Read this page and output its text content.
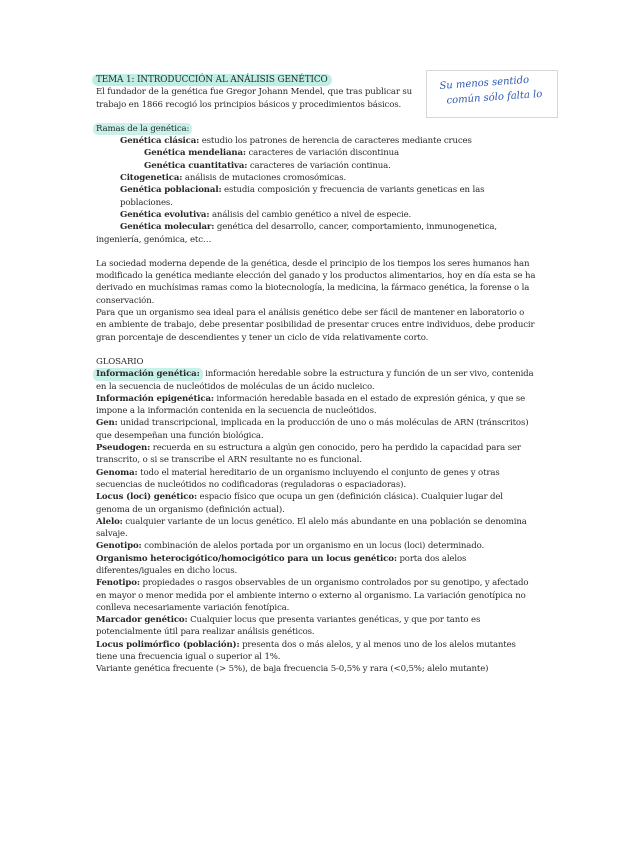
Su menos sentido
común sólo falta lo

TEMA 1: INTRODUCCIÓN AL ANÁLISIS GENÉTICO

El fundador de la genética fue Gregor Johann Mendel, que tras publicar su trabajo en 1866 recogió los principios básicos y procedimientos básicos.

Ramas de la genética:

Genética clásica: estudio los patrones de herencia de caracteres mediante cruces

Genética mendeliana: caracteres de variación discontinua

Genética cuantitativa: caracteres de variación continua.

Citogenetica: análisis de mutaciones cromosómicas.

Genética poblacional: estudia composición y frecuencia de variants geneticas en las poblaciones.

Genética evolutiva: análisis del cambio genético a nivel de especie.

Genética molecular: genética del desarrollo, cancer, comportamiento, inmunogenetica, ingeniería, genómica, etc…

La sociedad moderna depende de la genética, desde el principio de los tiempos los seres humanos han modificado la genética mediante elección del ganado y los productos alimentarios, hoy en día esta se ha derivado en muchísimas ramas como la biotecnología, la medicina, la fármaco genética, la forense o la conservación.

Para que un organismo sea ideal para el análisis genético debe ser fácil de mantener en laboratorio o en ambiente de trabajo, debe presentar posibilidad de presentar cruces entre individuos, debe producir gran porcentaje de descendientes y tener un ciclo de vida relativamente corto.

GLOSARIO

Información genética: información heredable sobre la estructura y función de un ser vivo, contenida en la secuencia de nucleótidos de moléculas de un ácido nucleico.

Información epigenética: información heredable basada en el estado de expresión génica, y que se impone a la información contenida en la secuencia de nucleótidos.

Gen: unidad transcripcional, implicada en la producción de uno o más moléculas de ARN (tránscritos) que desempeñan una función biológica.

Pseudogen: recuerda en su estructura a algún gen conocido, pero ha perdido la capacidad para ser transcrito, o si se transcribe el ARN resultante no es funcional.

Genoma: todo el material hereditario de un organismo incluyendo el conjunto de genes y otras secuencias de nucleótidos no codificadoras (reguladoras o espaciadoras).

Locus (loci) genético: espacio físico que ocupa un gen (definición clásica). Cualquier lugar del genoma de un organismo (definición actual).

Alelo: cualquier variante de un locus genético. El alelo más abundante en una población se denomina salvaje.

Genotipo: combinación de alelos portada por un organismo en un locus (loci) determinado.

Organismo heterocigótico/homocigótico para un locus genético: porta dos alelos diferentes/iguales en dicho locus.

Fenotipo: propiedades o rasgos observables de un organismo controlados por su genotipo, y afectado en mayor o menor medida por el ambiente interno o externo al organismo. La variación genotípica no conlleva necesariamente variación fenotípica.

Marcador genético: Cualquier locus que presenta variantes genéticas, y que por tanto es potencialmente útil para realizar análisis genéticos.

Locus polimórfico (población): presenta dos o más alelos, y al menos uno de los alelos mutantes tiene una frecuencia igual o superior al 1%.

Variante genética frecuente (> 5%), de baja frecuencia 5-0,5% y rara (<0,5%; alelo mutante)
